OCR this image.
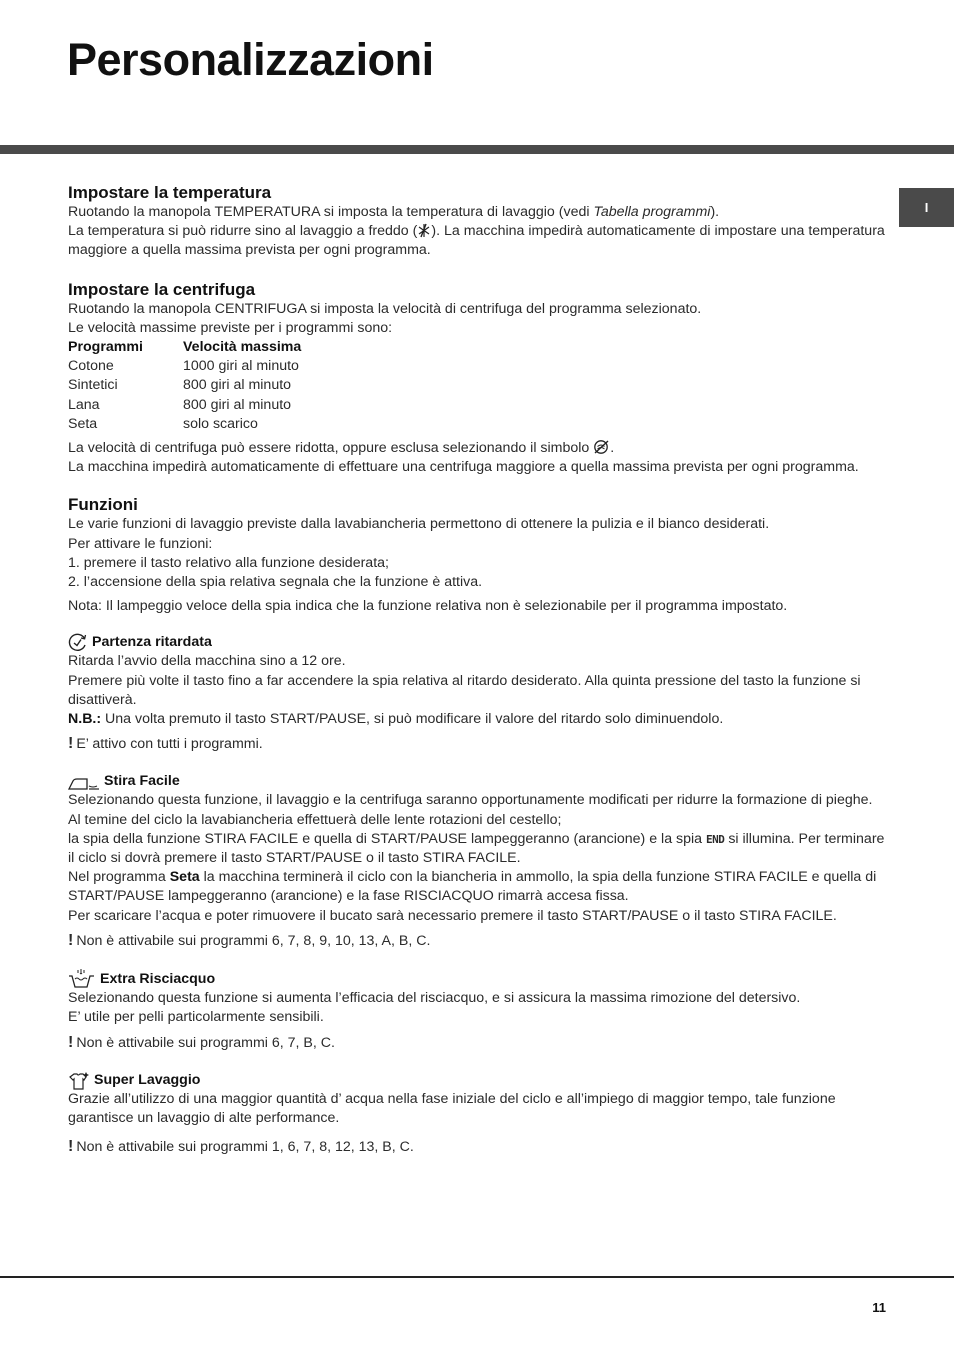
Personalizzazioni
I
Impostare la temperatura

Ruotando la manopola TEMPERATURA si imposta la temperatura di lavaggio (vedi Tabella programmi).

La temperatura si può ridurre sino al lavaggio a freddo ( ). La macchina impedirà automaticamente di impostare una temperatura maggiore a quella massima prevista per ogni programma.

Impostare la centrifuga

Ruotando la manopola CENTRIFUGA si imposta la velocità di centrifuga del programma selezionato.

Le velocità massime previste per i programmi sono:

Programmi	Velocità massima
Cotone	1000 giri al minuto
Sintetici	800 giri al minuto
Lana	800 giri al minuto
Seta	solo scarico

La velocità di centrifuga può essere ridotta, oppure esclusa selezionando il simbolo .

La macchina impedirà automaticamente di effettuare una centrifuga maggiore a quella massima prevista per ogni programma.

Funzioni

Le varie funzioni di lavaggio previste dalla lavabiancheria permettono di ottenere la pulizia e il bianco desiderati.

Per attivare le funzioni:

1. premere il tasto relativo alla funzione desiderata;

2. l’accensione della spia relativa segnala che la funzione è attiva.

Nota: Il lampeggio veloce della spia indica che la funzione relativa non è selezionabile per il programma impostato.

Partenza ritardata

Ritarda l’avvio della macchina sino a 12 ore.

Premere più volte il tasto fino a far accendere la spia relativa al ritardo desiderato. Alla quinta pressione del tasto la funzione si disattiverà.

N.B.: Una volta premuto il tasto START/PAUSE, si può modificare il valore del ritardo solo diminuendolo.

! E’ attivo con tutti i programmi.

Stira Facile

Selezionando questa funzione, il lavaggio e la centrifuga saranno opportunamente modificati per ridurre la formazione di pieghe. Al temine del ciclo la lavabiancheria effettuerà delle lente rotazioni del cestello;

la spia della funzione STIRA FACILE e quella di START/PAUSE lampeggeranno (arancione) e la spia END si illumina. Per terminare il ciclo si dovrà premere il tasto START/PAUSE o il tasto STIRA FACILE.

Nel programma Seta la macchina terminerà il ciclo con la biancheria in ammollo, la spia della funzione STIRA FACILE e quella di START/PAUSE lampeggeranno (arancione) e la fase RISCIACQUO rimarrà accesa fissa.

Per scaricare l’acqua e poter rimuovere il bucato sarà necessario premere il tasto START/PAUSE o il tasto STIRA FACILE.

! Non è attivabile sui programmi 6, 7, 8, 9, 10, 13, A, B, C.

Extra Risciacquo

Selezionando questa funzione si aumenta l’efficacia del risciacquo, e si assicura la massima rimozione del detersivo.

E’ utile per pelli particolarmente sensibili.

! Non è attivabile sui programmi 6, 7, B, C.

Super Lavaggio

Grazie all’utilizzo di una maggior quantità d’ acqua nella fase iniziale del ciclo e all’impiego di maggior tempo, tale funzione garantisce un lavaggio di alte performance.

! Non è attivabile sui programmi 1, 6, 7, 8, 12, 13, B, C.

11
